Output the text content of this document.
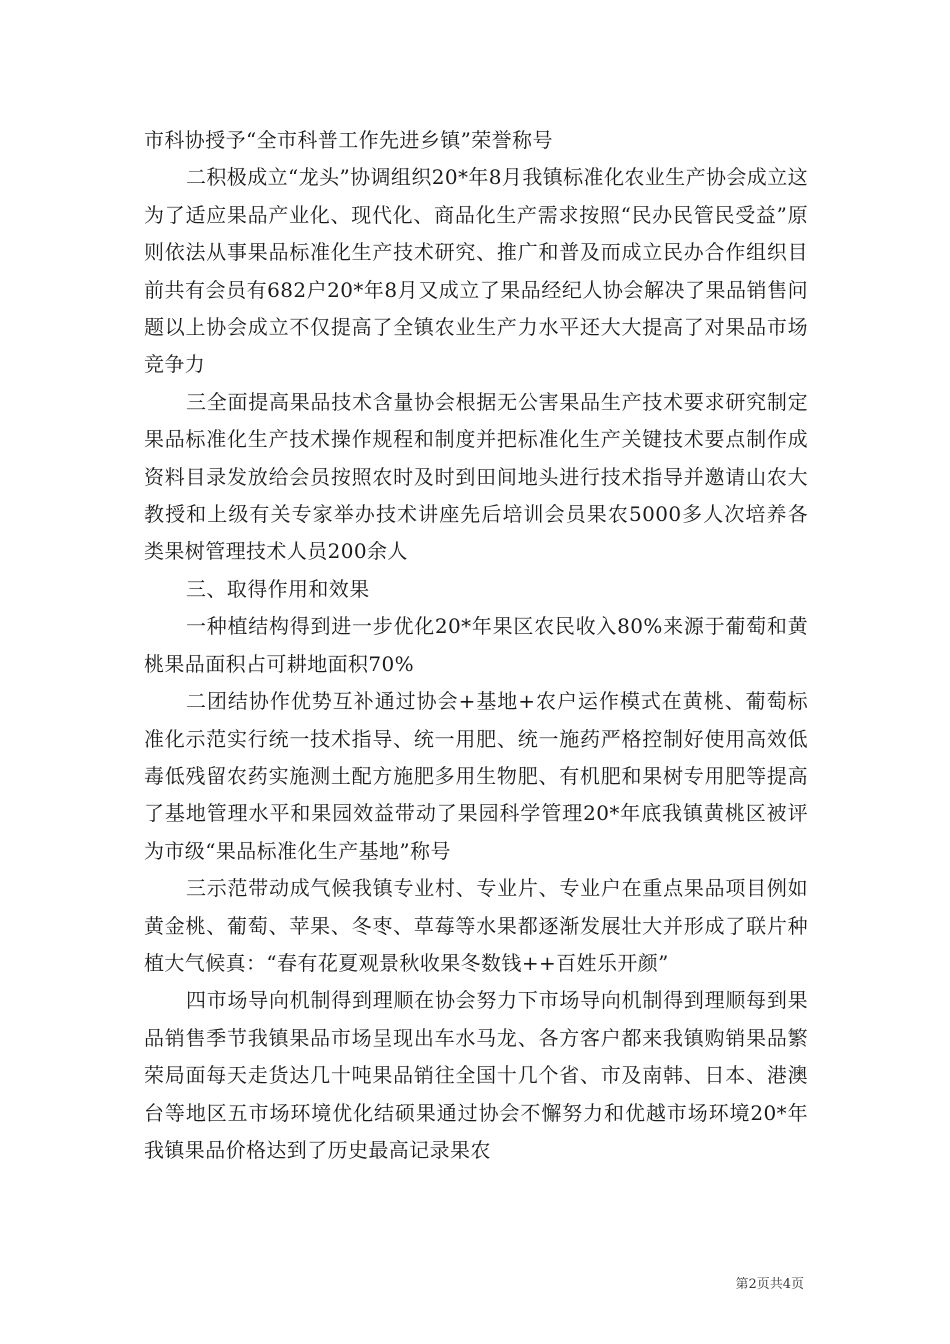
市科协授予“全市科普工作先进乡镇”荣誉称号

二积极成立“龙头”协调组织20*年8月我镇标准化农业生产协会成立这为了适应果品产业化、现代化、商品化生产需求按照“民办民管民受益”原则依法从事果品标准化生产技术研究、推广和普及而成立民办合作组织目前共有会员有682户20*年8月又成立了果品经纪人协会解决了果品销售问题以上协会成立不仅提高了全镇农业生产力水平还大大提高了对果品市场竞争力

三全面提高果品技术含量协会根据无公害果品生产技术要求研究制定果品标准化生产技术操作规程和制度并把标准化生产关键技术要点制作成资料目录发放给会员按照农时及时到田间地头进行技术指导并邀请山农大教授和上级有关专家举办技术讲座先后培训会员果农5000多人次培养各类果树管理技术人员200余人

三、取得作用和效果

一种植结构得到进一步优化20*年果区农民收入80%来源于葡萄和黄桃果品面积占可耕地面积70%

二团结协作优势互补通过协会+基地+农户运作模式在黄桃、葡萄标准化示范实行统一技术指导、统一用肥、统一施药严格控制好使用高效低毒低残留农药实施测土配方施肥多用生物肥、有机肥和果树专用肥等提高了基地管理水平和果园效益带动了果园科学管理20*年底我镇黄桃区被评为市级“果品标准化生产基地”称号

三示范带动成气候我镇专业村、专业片、专业户在重点果品项目例如黄金桃、葡萄、苹果、冬枣、草莓等水果都逐渐发展壮大并形成了联片种植大气候真：“春有花夏观景秋收果冬数钱++百姓乐开颜”

四市场导向机制得到理顺在协会努力下市场导向机制得到理顺每到果品销售季节我镇果品市场呈现出车水马龙、各方客户都来我镇购销果品繁荣局面每天走货达几十吨果品销往全国十几个省、市及南韩、日本、港澳台等地区五市场环境优化结硕果通过协会不懈努力和优越市场环境20*年我镇果品价格达到了历史最高记录果农

第2页共4页
